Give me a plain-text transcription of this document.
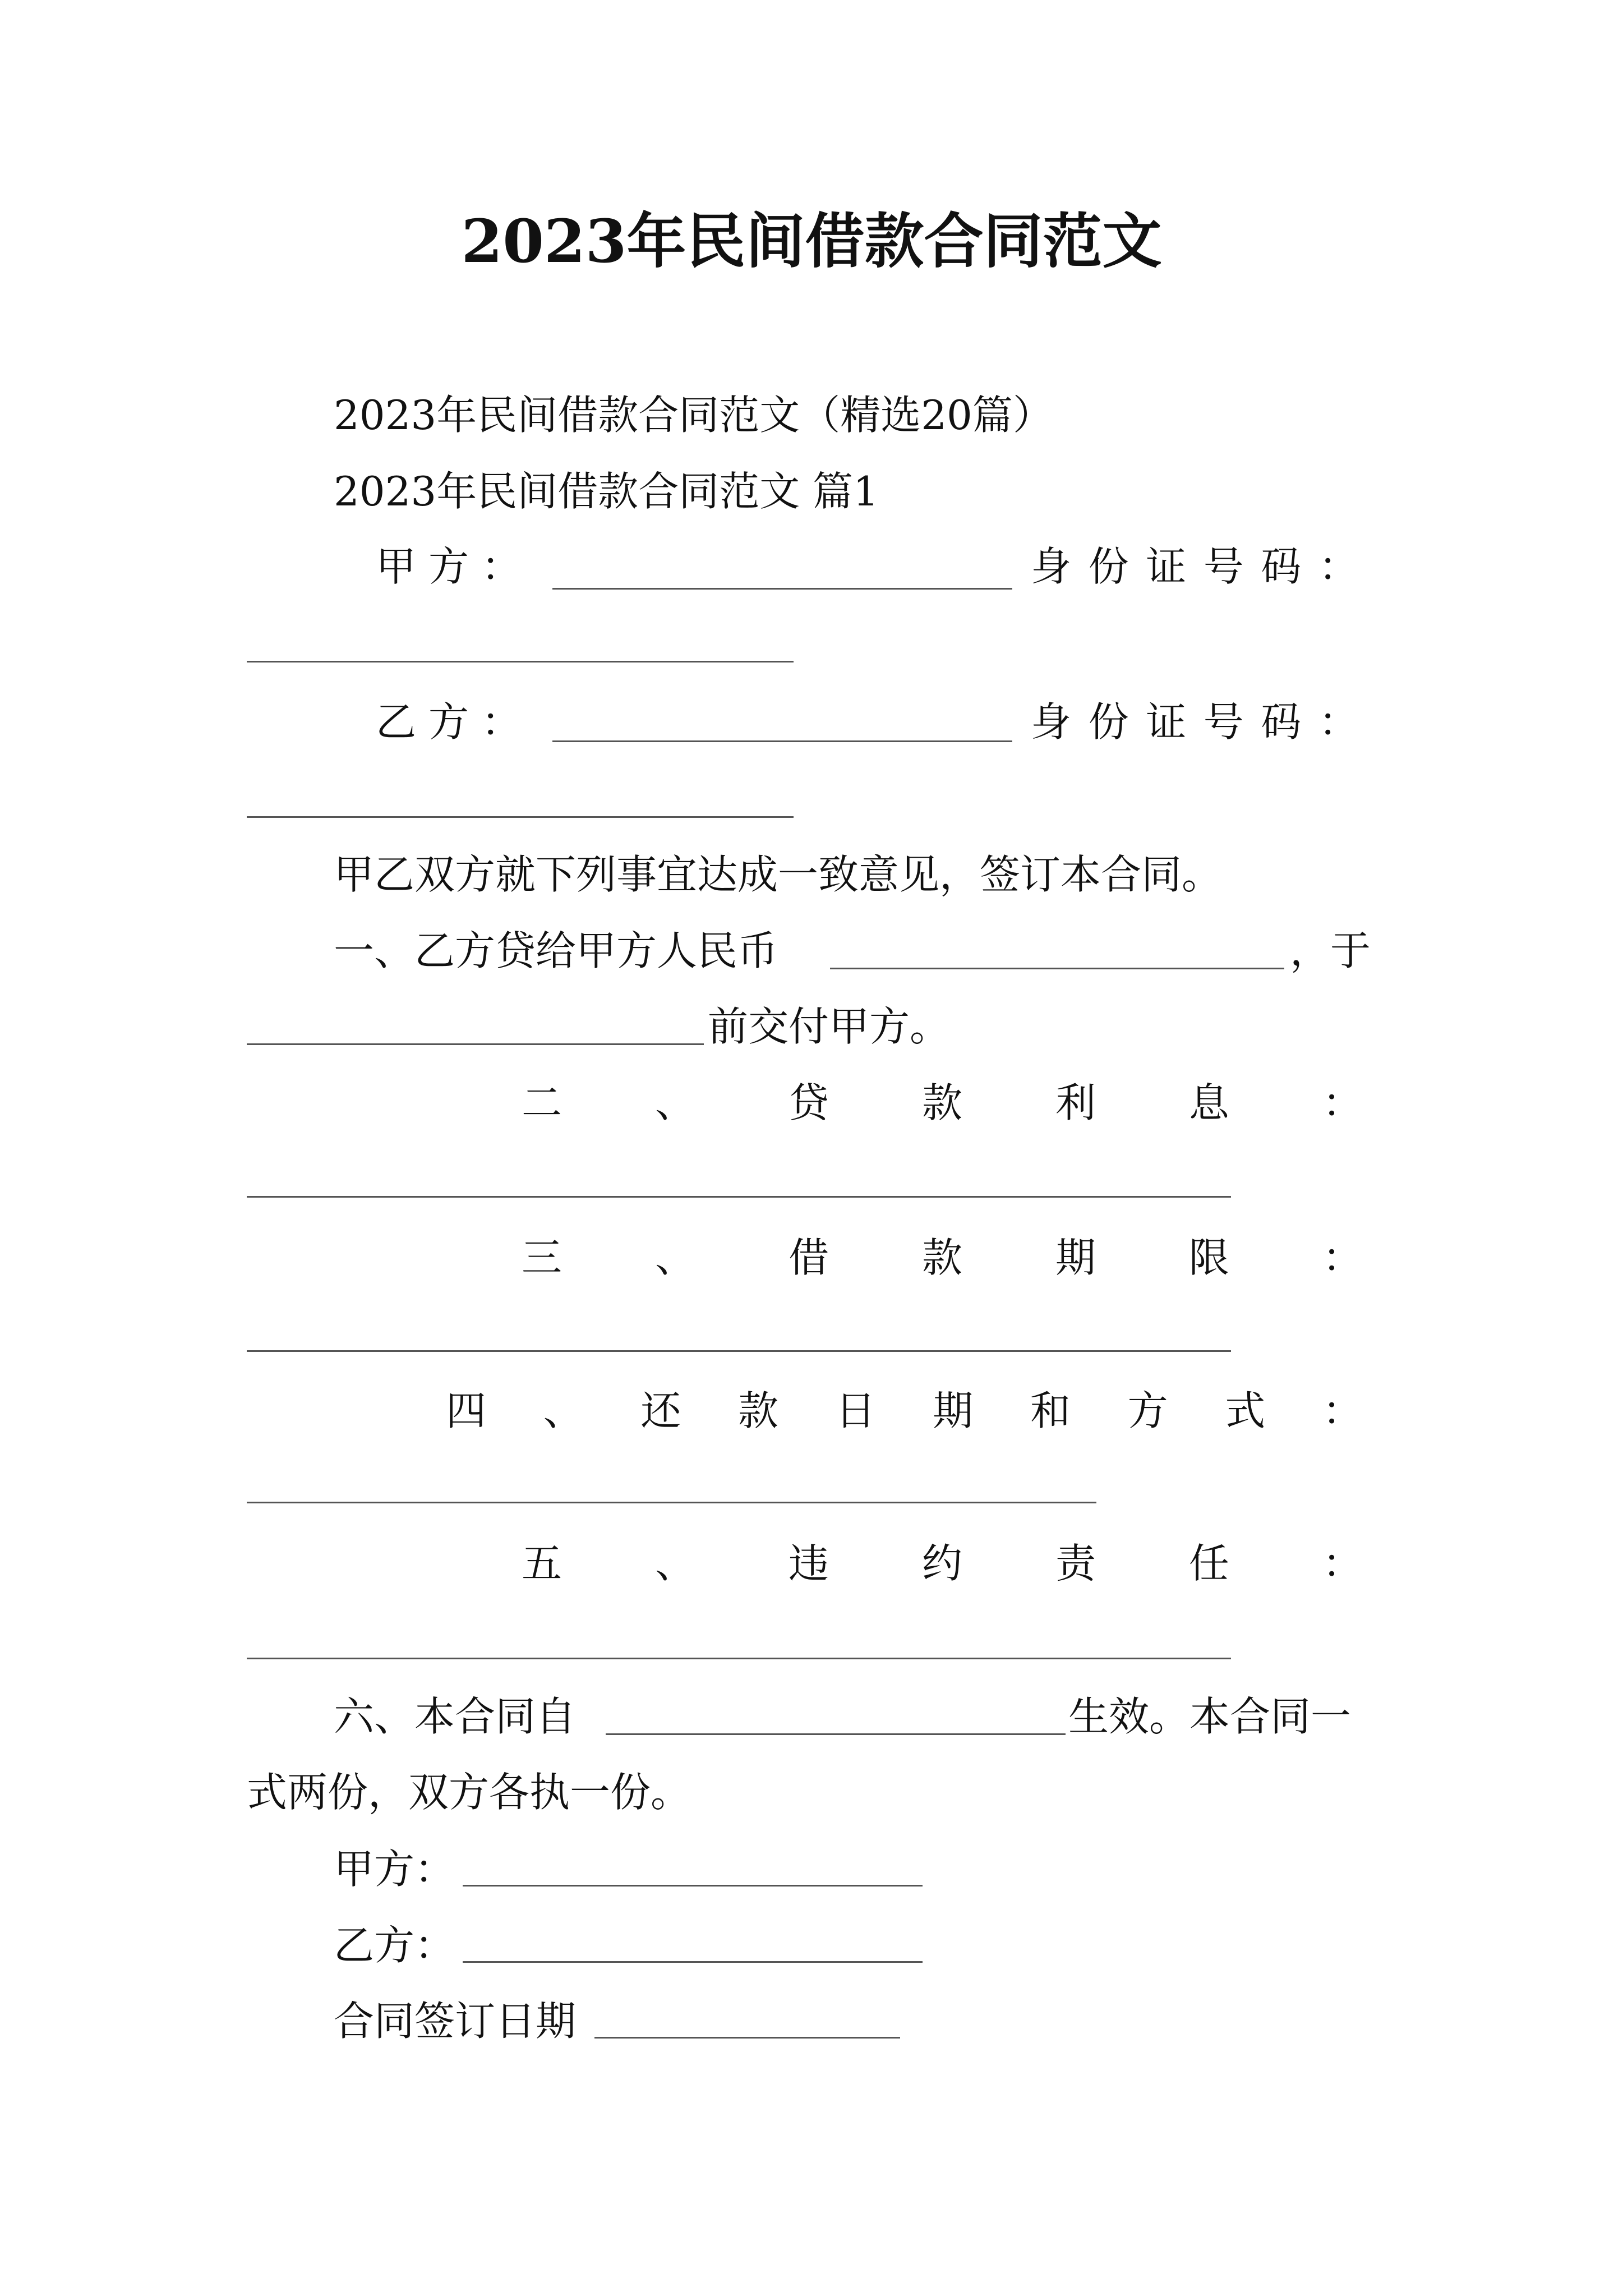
2023年民间借款合同范文
2023年民间借款合同范文（精选20篇）
2023年民间借款合同范文 篇1
甲 方 ：	身 份 证 号 码 ：
乙 方 ：	身 份 证 号 码 ：
甲乙双方就下列事宜达成一致意见，签订本合同。
一、乙方贷给甲方人民币	，于
前交付甲方。
二 、 贷 款 利 息 ：
三 、 借 款 期 限 ：
四 、 还 款 日 期 和 方 式 ：
五 、 违 约 责 任 ：
六、本合同自	生效。本合同一
式两份，双方各执一份。
甲方：
乙方：
合同签订日期
